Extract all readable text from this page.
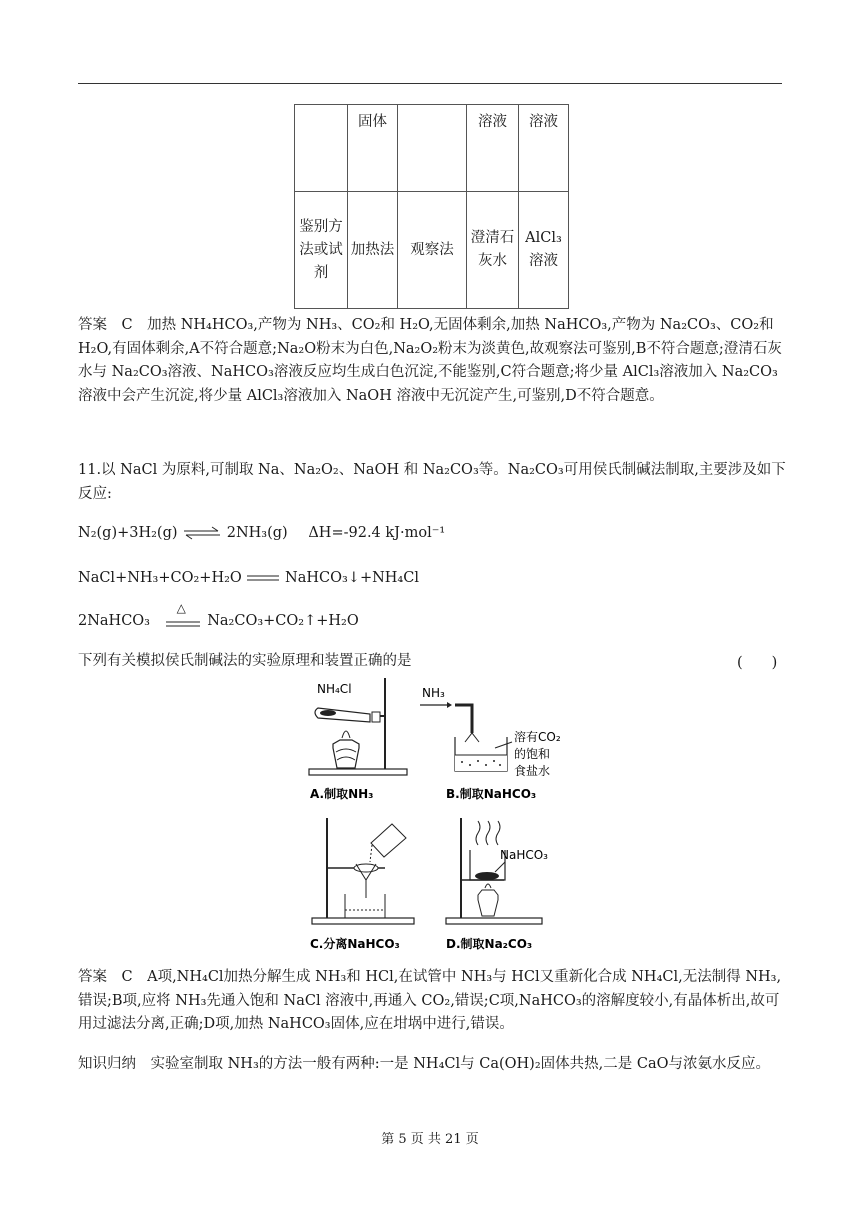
	固体		溶液	溶液
鉴别方法或试剂	加热法	观察法	澄清石灰水	AlCl₃溶液
答案　C　加热 NH₄HCO₃,产物为 NH₃、CO₂和 H₂O,无固体剩余,加热 NaHCO₃,产物为 Na₂CO₃、CO₂和 H₂O,有固体剩余,A不符合题意;Na₂O粉末为白色,Na₂O₂粉末为淡黄色,故观察法可鉴别,B不符合题意;澄清石灰水与 Na₂CO₃溶液、NaHCO₃溶液反应均生成白色沉淀,不能鉴别,C符合题意;将少量 AlCl₃溶液加入 Na₂CO₃溶液中会产生沉淀,将少量 AlCl₃溶液加入 NaOH 溶液中无沉淀产生,可鉴别,D不符合题意。
11.以 NaCl 为原料,可制取 Na、Na₂O₂、NaOH 和 Na₂CO₃等。Na₂CO₃可用侯氏制碱法制取,主要涉及如下反应:
N₂(g)+3H₂(g) ⇌ 2NH₃(g) ΔH=-92.4 kJ·mol⁻¹
NaCl+NH₃+CO₂+H₂O	NaHCO₃↓+NH₄Cl
2NaHCO₃
△
Na₂CO₃+CO₂↑+H₂O
下列有关模拟侯氏制碱法的实验原理和装置正确的是	(　　)
NH₄Cl
A.制取NH₃
NH₃
溶有CO₂
的饱和
食盐水
B.制取NaHCO₃
C.分离NaHCO₃
NaHCO₃
D.制取Na₂CO₃
答案　C　A项,NH₄Cl加热分解生成 NH₃和 HCl,在试管中 NH₃与 HCl又重新化合成 NH₄Cl,无法制得 NH₃,错误;B项,应将 NH₃先通入饱和 NaCl 溶液中,再通入 CO₂,错误;C项,NaHCO₃的溶解度较小,有晶体析出,故可用过滤法分离,正确;D项,加热 NaHCO₃固体,应在坩埚中进行,错误。
知识归纳　实验室制取 NH₃的方法一般有两种:一是 NH₄Cl与 Ca(OH)₂固体共热,二是 CaO与浓氨水反应。
第 5 页 共 21 页
